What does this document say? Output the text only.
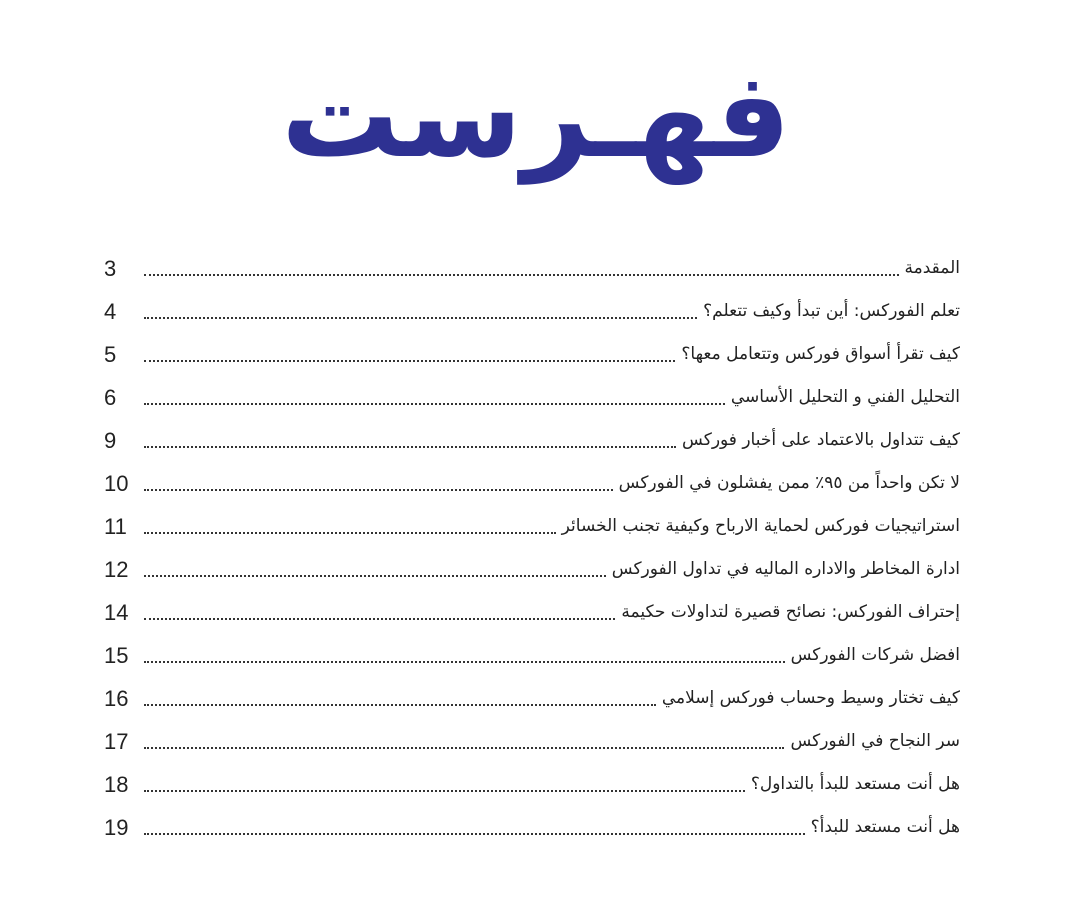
فهـرست
المقدمة
3
تعلم الفوركس: أين تبدأ وكيف تتعلم؟
4
كيف تقرأ أسواق فوركس وتتعامل معها؟
5
التحليل الفني و التحليل الأساسي
6
كيف تتداول بالاعتماد على أخبار فوركس
9
لا تكن واحداً من ٩٥٪ ممن يفشلون في الفوركس
10
استراتيجيات فوركس لحماية الارباح وكيفية تجنب الخسائر
11
ادارة المخاطر والاداره الماليه في تداول الفوركس
12
إحتراف الفوركس: نصائح قصيرة لتداولات حكيمة
14
افضل شركات الفوركس
15
كيف تختار وسيط وحساب فوركس إسلامي
16
سر النجاح في الفوركس
17
هل أنت مستعد للبدأ بالتداول؟
18
هل أنت مستعد للبدأ؟
19
